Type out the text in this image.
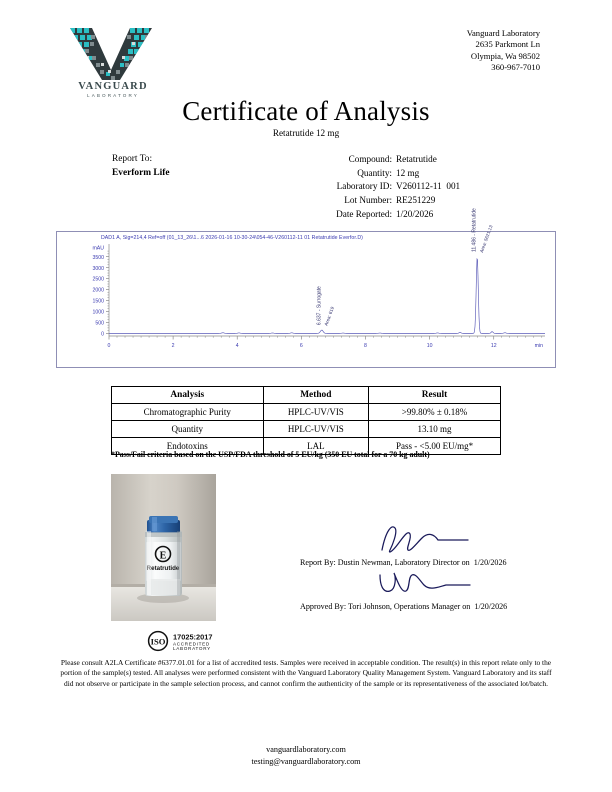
VANGUARD
LABORATORY
Vanguard Laboratory
2635 Parkmont Ln
Olympia, Wa 98502
360-967-7010
Certificate of Analysis
Retatrutide 12 mg
Report To:
Everform Life
Compound: Retatrutide
Quantity: 12 mg
Laboratory ID: V260112-11  001
Lot Number: RE251229
Date Reported: 1/20/2026
DAD1 A, Sig=214,4 Ref=off (01_13_26\1...6 2026-01-16 10-30-24\054-46-V260112-11 01 Retatrutide Everfor.D)
0
500
1000
1500
2000
2500
3000
3500
mAU
0	2	4	6	8	10	12	min
6.637 - Surrogate Area: 619
11.486 - Retatrutide Area: 5621.13
Analysis	Method	Result
Chromatographic Purity	HPLC-UV/VIS	>99.80% ± 0.18%
Quantity	HPLC-UV/VIS	13.10 mg
Endotoxins	LAL	Pass - <5.00 EU/mg*
*Pass/Fail criteria based on the USP/FDA threshold of 5 EU/kg (350 EU total for a 70 kg adult)
E
Retatrutide
Report By: Dustin Newman, Laboratory Director on  1/20/2026
Approved By: Tori Johnson, Operations Manager on  1/20/2026
ISO 17025:2017
ACCREDITED
LABORATORY
Please consult A2LA Certificate #6377.01.01 for a list of accredited tests. Samples were received in acceptable condition. The result(s) in this report relate only to the portion of the sample(s) tested. All analyses were performed consistent with the Vanguard Laboratory Quality Management System. Vanguard Laboratory and its staff did not observe or participate in the sample selection process, and cannot confirm the authenticity of the sample or its representativeness of the associated lot/batch.
vanguardlaboratory.com
testing@vanguardlaboratory.com
